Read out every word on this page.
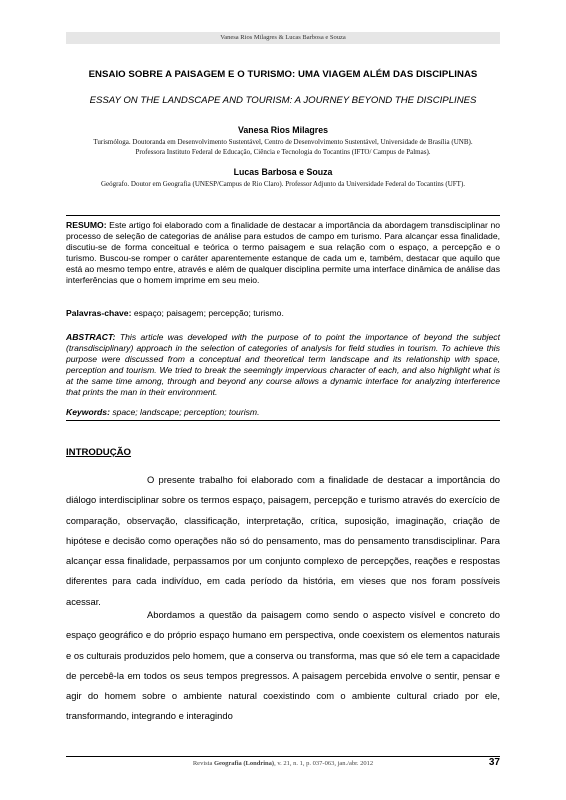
Vanesa Rios Milagres & Lucas Barbosa e Souza
ENSAIO SOBRE A PAISAGEM E O TURISMO: UMA VIAGEM ALÉM DAS DISCIPLINAS
ESSAY ON THE LANDSCAPE AND TOURISM: A JOURNEY BEYOND THE DISCIPLINES
Vanesa Rios Milagres
Turismóloga. Doutoranda em Desenvolvimento Sustentável, Centro de Desenvolvimento Sustentável, Universidade de Brasília (UNB). Professora Instituto Federal de Educação, Ciência e Tecnologia do Tocantins (IFTO/ Campus de Palmas).
Lucas Barbosa e Souza
Geógrafo. Doutor em Geografia (UNESP/Campus de Rio Claro). Professor Adjunto da Universidade Federal do Tocantins (UFT).
RESUMO: Este artigo foi elaborado com a finalidade de destacar a importância da abordagem transdisciplinar no processo de seleção de categorias de análise para estudos de campo em turismo. Para alcançar essa finalidade, discutiu-se de forma conceitual e teórica o termo paisagem e sua relação com o espaço, a percepção e o turismo. Buscou-se romper o caráter aparentemente estanque de cada um e, também, destacar que aquilo que está ao mesmo tempo entre, através e além de qualquer disciplina permite uma interface dinâmica de análise das interferências que o homem imprime em seu meio.
Palavras-chave: espaço; paisagem; percepção; turismo.
ABSTRACT: This article was developed with the purpose of to point the importance of beyond the subject (transdisciplinary) approach in the selection of categories of analysis for field studies in tourism. To achieve this purpose were discussed from a conceptual and theoretical term landscape and its relationship with space, perception and tourism. We tried to break the seemingly impervious character of each, and also highlight what is at the same time among, through and beyond any course allows a dynamic interface for analyzing interference that prints the man in their environment.
Keywords: space; landscape; perception; tourism.
INTRODUÇÃO
O presente trabalho foi elaborado com a finalidade de destacar a importância do diálogo interdisciplinar sobre os termos espaço, paisagem, percepção e turismo através do exercício de comparação, observação, classificação, interpretação, crítica, suposição, imaginação, criação de hipótese e decisão como operações não só do pensamento, mas do pensamento transdisciplinar. Para alcançar essa finalidade, perpassamos por um conjunto complexo de percepções, reações e respostas diferentes para cada indivíduo, em cada período da história, em vieses que nos foram possíveis acessar.
Abordamos a questão da paisagem como sendo o aspecto visível e concreto do espaço geográfico e do próprio espaço humano em perspectiva, onde coexistem os elementos naturais e os culturais produzidos pelo homem, que a conserva ou transforma, mas que só ele tem a capacidade de percebê-la em todos os seus tempos pregressos. A paisagem percebida envolve o sentir, pensar e agir do homem sobre o ambiente natural coexistindo com o ambiente cultural criado por ele, transformando, integrando e interagindo
Revista Geografia (Londrina), v. 21, n. 1, p. 037-063, jan./abr. 2012	37
